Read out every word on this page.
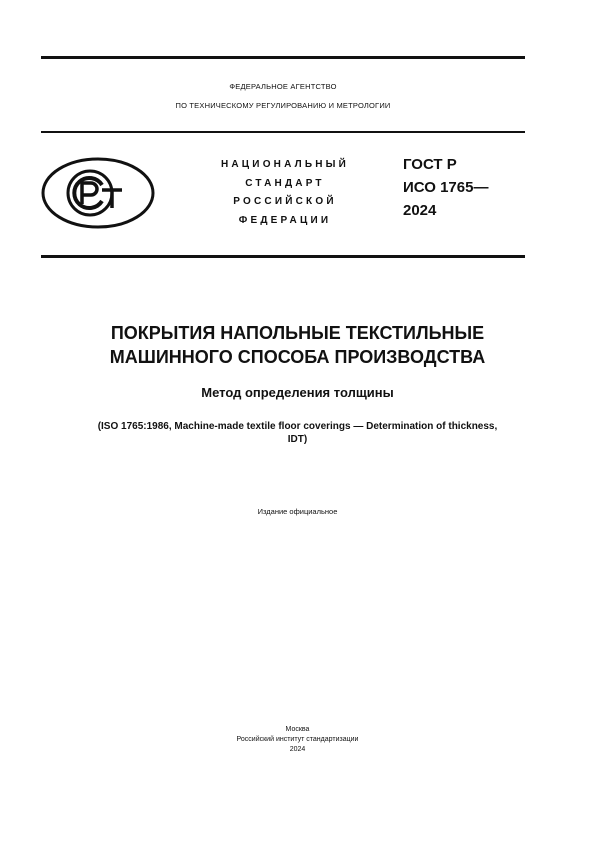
ФЕДЕРАЛЬНОЕ АГЕНТСТВО
ПО ТЕХНИЧЕСКОМУ РЕГУЛИРОВАНИЮ И МЕТРОЛОГИИ
НАЦИОНАЛЬНЫЙ
СТАНДАРТ
РОССИЙСКОЙ
ФЕДЕРАЦИИ
ГОСТ Р
ИСО 1765—
2024
ПОКРЫТИЯ НАПОЛЬНЫЕ ТЕКСТИЛЬНЫЕ
МАШИННОГО СПОСОБА ПРОИЗВОДСТВА
Метод определения толщины
(ISO 1765:1986, Machine-made textile floor coverings — Determination of thickness,
IDT)
Издание официальное
Москва
Российский институт стандартизации
2024
